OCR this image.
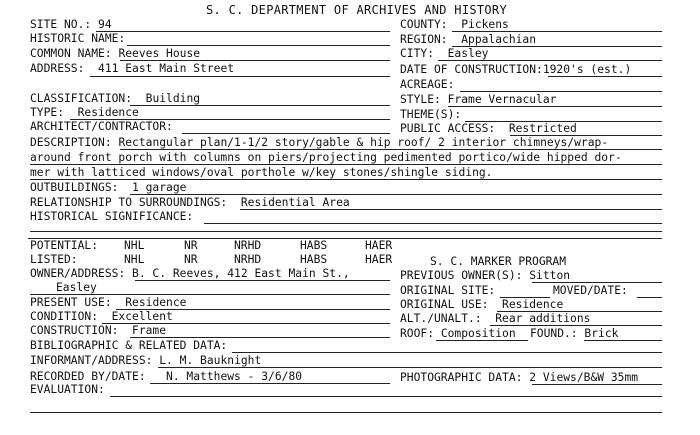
S. C. DEPARTMENT OF ARCHIVES AND HISTORY
SITE NO.: 94
HISTORIC NAME:
COMMON NAME: Reeves House
ADDRESS: 411 East Main Street
CLASSIFICATION: Building
TYPE: Residence
ARCHITECT/CONTRACTOR:
COUNTY: Pickens
REGION: Appalachian
CITY: Easley
DATE OF CONSTRUCTION:1920's (est.)
ACREAGE:
STYLE: Frame Vernacular
THEME(S):
PUBLIC ACCESS: Restricted
DESCRIPTION: Rectangular plan/1-1/2 story/gable & hip roof/ 2 interior chimneys/wrap-
around front porch with columns on piers/projecting pedimented portico/wide hipped dor-
mer with latticed windows/oval porthole w/key stones/shingle siding.
OUTBUILDINGS: 1 garage
RELATIONSHIP TO SURROUNDINGS: Residential Area
HISTORICAL SIGNIFICANCE:
POTENTIAL: NHL	NR	NRHD	HABS	HAER
LISTED:	NHL	NR	NRHD	HABS	HAER	S. C. MARKER PROGRAM
OWNER/ADDRESS: B. C. Reeves, 412 East Main St.,
Easley
PREVIOUS OWNER(S): Sitton
ORIGINAL SITE:	MOVED/DATE:
PRESENT USE: Residence	ORIGINAL USE: Residence
CONDITION: Excellent	ALT./UNALT.: Rear additions
CONSTRUCTION: Frame	ROOF: Composition FOUND.: Brick
BIBLIOGRAPHIC & RELATED DATA:
INFORMANT/ADDRESS: L. M. Bauknight
RECORDED BY/DATE: N. Matthews - 3/6/80	PHOTOGRAPHIC DATA: 2 Views/B&W 35mm
EVALUATION:
